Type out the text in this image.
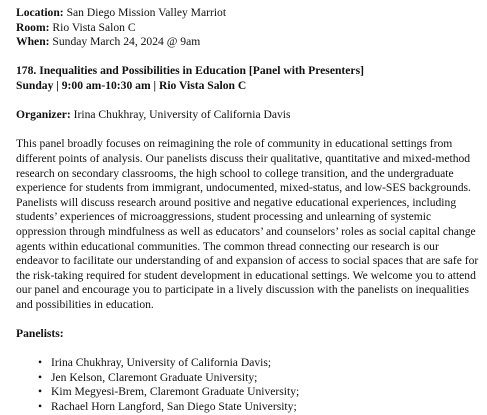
Location: San Diego Mission Valley Marriot

Room: Rio Vista Salon C

When: Sunday March 24, 2024 @ 9am

178. Inequalities and Possibilities in Education [Panel with Presenters]

Sunday | 9:00 am-10:30 am | Rio Vista Salon C

Organizer: Irina Chukhray, University of California Davis

This panel broadly focuses on reimagining the role of community in educational settings from different points of analysis. Our panelists discuss their qualitative, quantitative and mixed-method research on secondary classrooms, the high school to college transition, and the undergraduate experience for students from immigrant, undocumented, mixed-status, and low-SES backgrounds. Panelists will discuss research around positive and negative educational experiences, including students’ experiences of microaggressions, student processing and unlearning of systemic oppression through mindfulness as well as educators’ and counselors’ roles as social capital change agents within educational communities. The common thread connecting our research is our endeavor to facilitate our understanding of and expansion of access to social spaces that are safe for the risk-taking required for student development in educational settings. We welcome you to attend our panel and encourage you to participate in a lively discussion with the panelists on inequalities and possibilities in education.

Panelists:

• Irina Chukhray, University of California Davis;
• Jen Kelson, Claremont Graduate University;
• Kim Megyesi-Brem, Claremont Graduate University;
• Rachael Horn Langford, San Diego State University;
